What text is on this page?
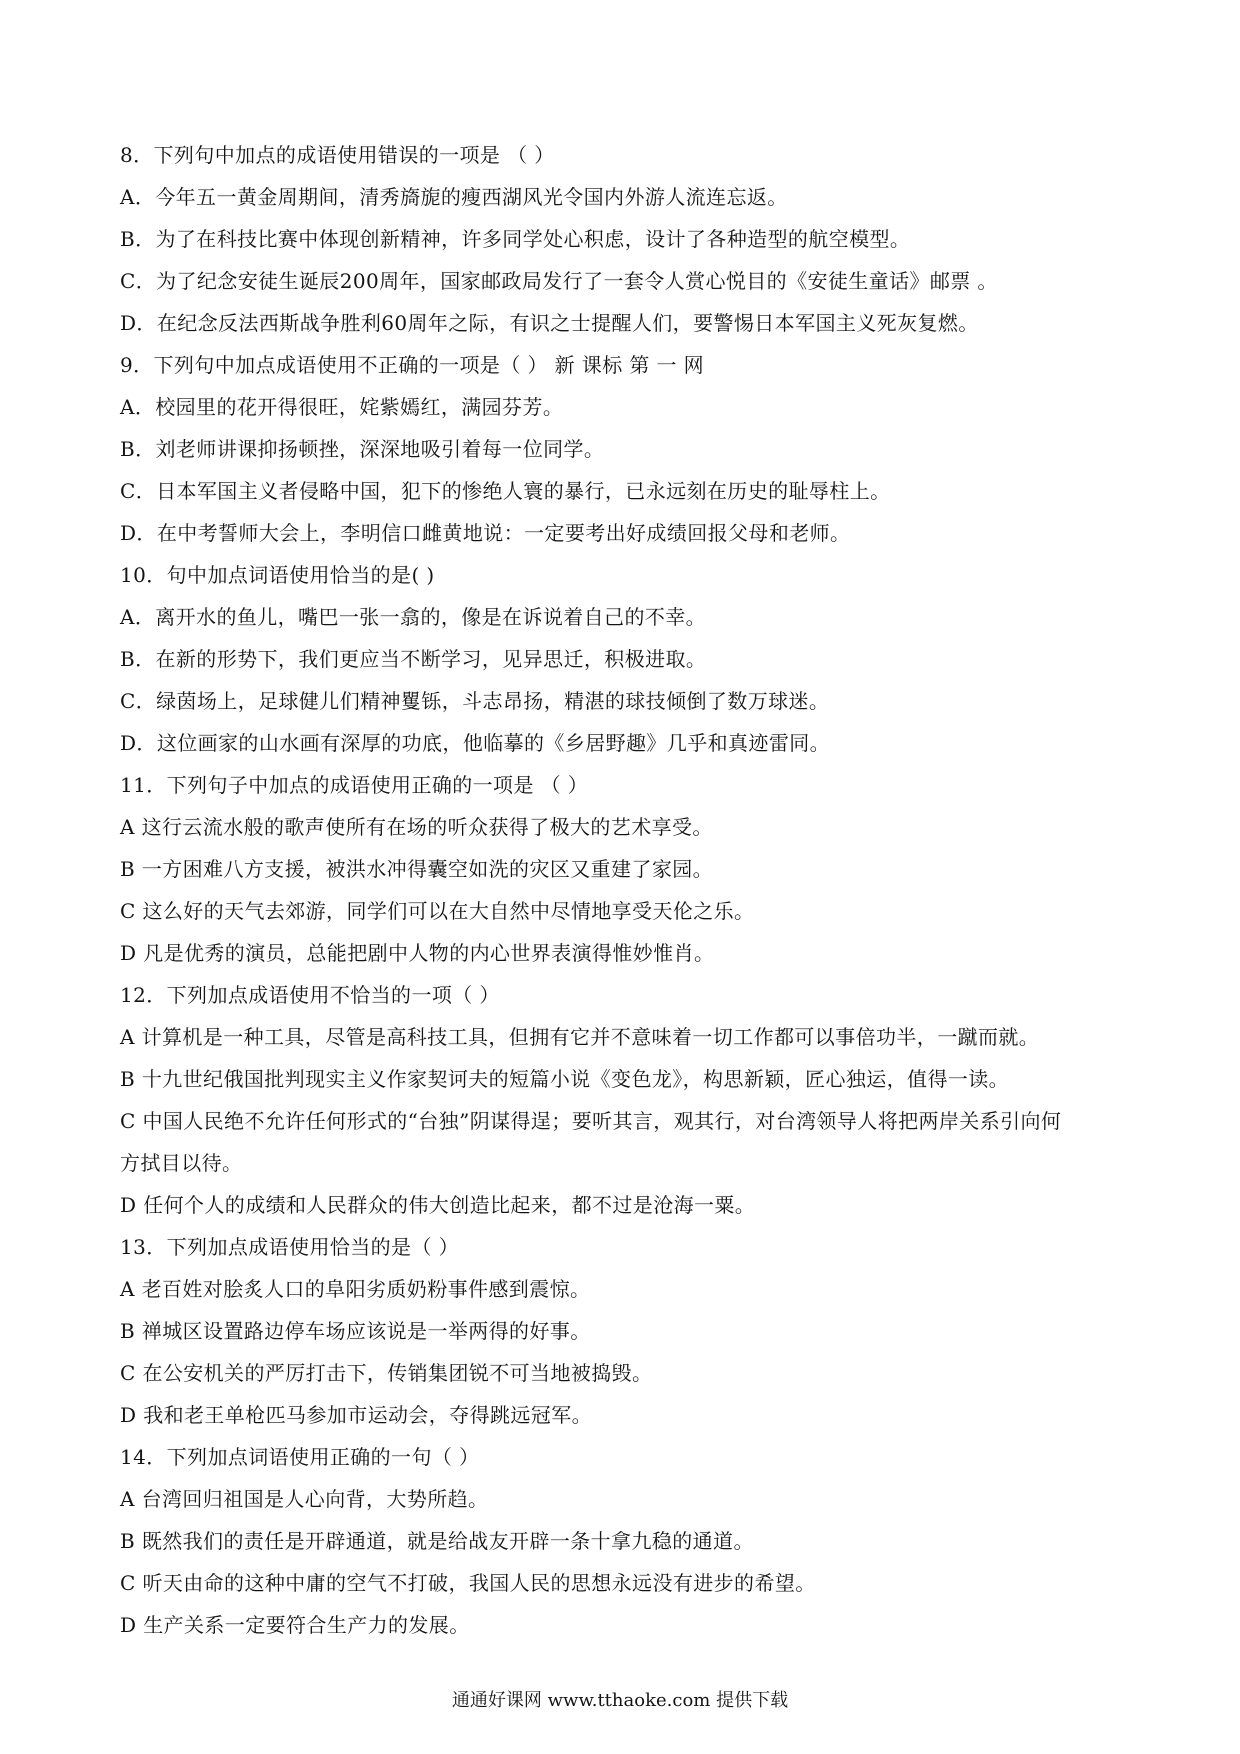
8．下列句中加点的成语使用错误的一项是 （ ）
A．今年五一黄金周期间，清秀旖旎的瘦西湖风光令国内外游人流连忘返。
B．为了在科技比赛中体现创新精神，许多同学处心积虑，设计了各种造型的航空模型。
C．为了纪念安徒生诞辰200周年，国家邮政局发行了一套令人赏心悦目的《安徒生童话》邮票 。
D．在纪念反法西斯战争胜利60周年之际，有识之士提醒人们，要警惕日本军国主义死灰复燃。
9．下列句中加点成语使用不正确的一项是（ ） 新 课标 第 一 网
A．校园里的花开得很旺，姹紫嫣红，满园芬芳。
B．刘老师讲课抑扬顿挫，深深地吸引着每一位同学。
C．日本军国主义者侵略中国，犯下的惨绝人寰的暴行，已永远刻在历史的耻辱柱上。
D．在中考誓师大会上，李明信口雌黄地说：一定要考出好成绩回报父母和老师。
10．句中加点词语使用恰当的是( )
A．离开水的鱼儿，嘴巴一张一翕的，像是在诉说着自己的不幸。
B．在新的形势下，我们更应当不断学习，见异思迁，积极进取。
C．绿茵场上，足球健儿们精神矍铄，斗志昂扬，精湛的球技倾倒了数万球迷。
D．这位画家的山水画有深厚的功底，他临摹的《乡居野趣》几乎和真迹雷同。
11．下列句子中加点的成语使用正确的一项是 （ ）
A 这行云流水般的歌声使所有在场的听众获得了极大的艺术享受。
B 一方困难八方支援，被洪水冲得囊空如洗的灾区又重建了家园。
C 这么好的天气去郊游，同学们可以在大自然中尽情地享受天伦之乐。
D 凡是优秀的演员，总能把剧中人物的内心世界表演得惟妙惟肖。
12．下列加点成语使用不恰当的一项（ ）
A 计算机是一种工具，尽管是高科技工具，但拥有它并不意味着一切工作都可以事倍功半，一蹴而就。
B 十九世纪俄国批判现实主义作家契诃夫的短篇小说《变色龙》，构思新颖，匠心独运，值得一读。
C 中国人民绝不允许任何形式的“台独”阴谋得逞；要听其言，观其行，对台湾领导人将把两岸关系引向何
方拭目以待。
D 任何个人的成绩和人民群众的伟大创造比起来，都不过是沧海一粟。
13．下列加点成语使用恰当的是（ ）
A 老百姓对脍炙人口的阜阳劣质奶粉事件感到震惊。
B 禅城区设置路边停车场应该说是一举两得的好事。
C 在公安机关的严厉打击下，传销集团锐不可当地被捣毁。
D 我和老王单枪匹马参加市运动会，夺得跳远冠军。
14．下列加点词语使用正确的一句（ ）
A 台湾回归祖国是人心向背，大势所趋。
B 既然我们的责任是开辟通道，就是给战友开辟一条十拿九稳的通道。
C 听天由命的这种中庸的空气不打破，我国人民的思想永远没有进步的希望。
D 生产关系一定要符合生产力的发展。
通通好课网 www.tthaoke.com 提供下载
